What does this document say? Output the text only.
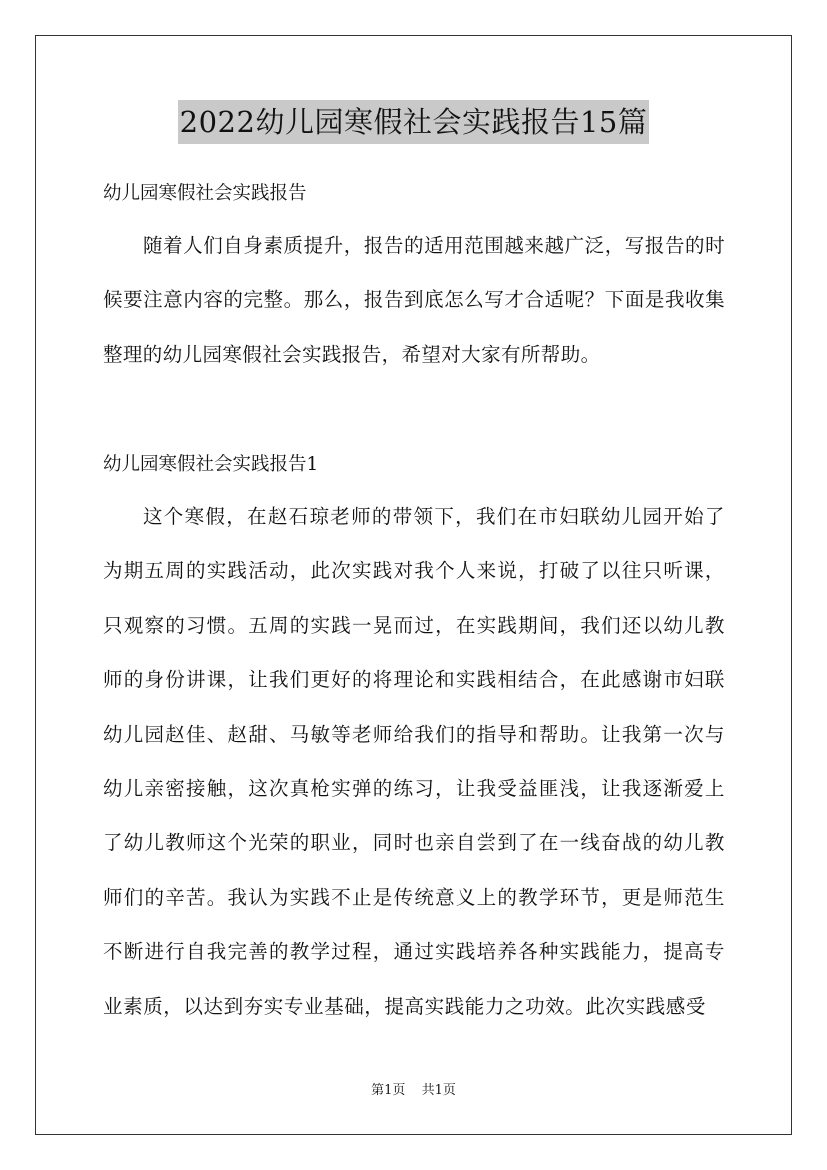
2022幼儿园寒假社会实践报告15篇

幼儿园寒假社会实践报告

随着人们自身素质提升，报告的适用范围越来越广泛，写报告的时候要注意内容的完整。那么，报告到底怎么写才合适呢？下面是我收集整理的幼儿园寒假社会实践报告，希望对大家有所帮助。

幼儿园寒假社会实践报告1

这个寒假，在赵石琼老师的带领下，我们在市妇联幼儿园开始了为期五周的实践活动，此次实践对我个人来说，打破了以往只听课，只观察的习惯。五周的实践一晃而过，在实践期间，我们还以幼儿教师的身份讲课，让我们更好的将理论和实践相结合，在此感谢市妇联幼儿园赵佳、赵甜、马敏等老师给我们的指导和帮助。让我第一次与幼儿亲密接触，这次真枪实弹的练习，让我受益匪浅，让我逐渐爱上了幼儿教师这个光荣的职业，同时也亲自尝到了在一线奋战的幼儿教师们的辛苦。我认为实践不止是传统意义上的教学环节，更是师范生不断进行自我完善的教学过程，通过实践培养各种实践能力，提高专业素质，以达到夯实专业基础，提高实践能力之功效。此次实践感受

第1页 共1页
